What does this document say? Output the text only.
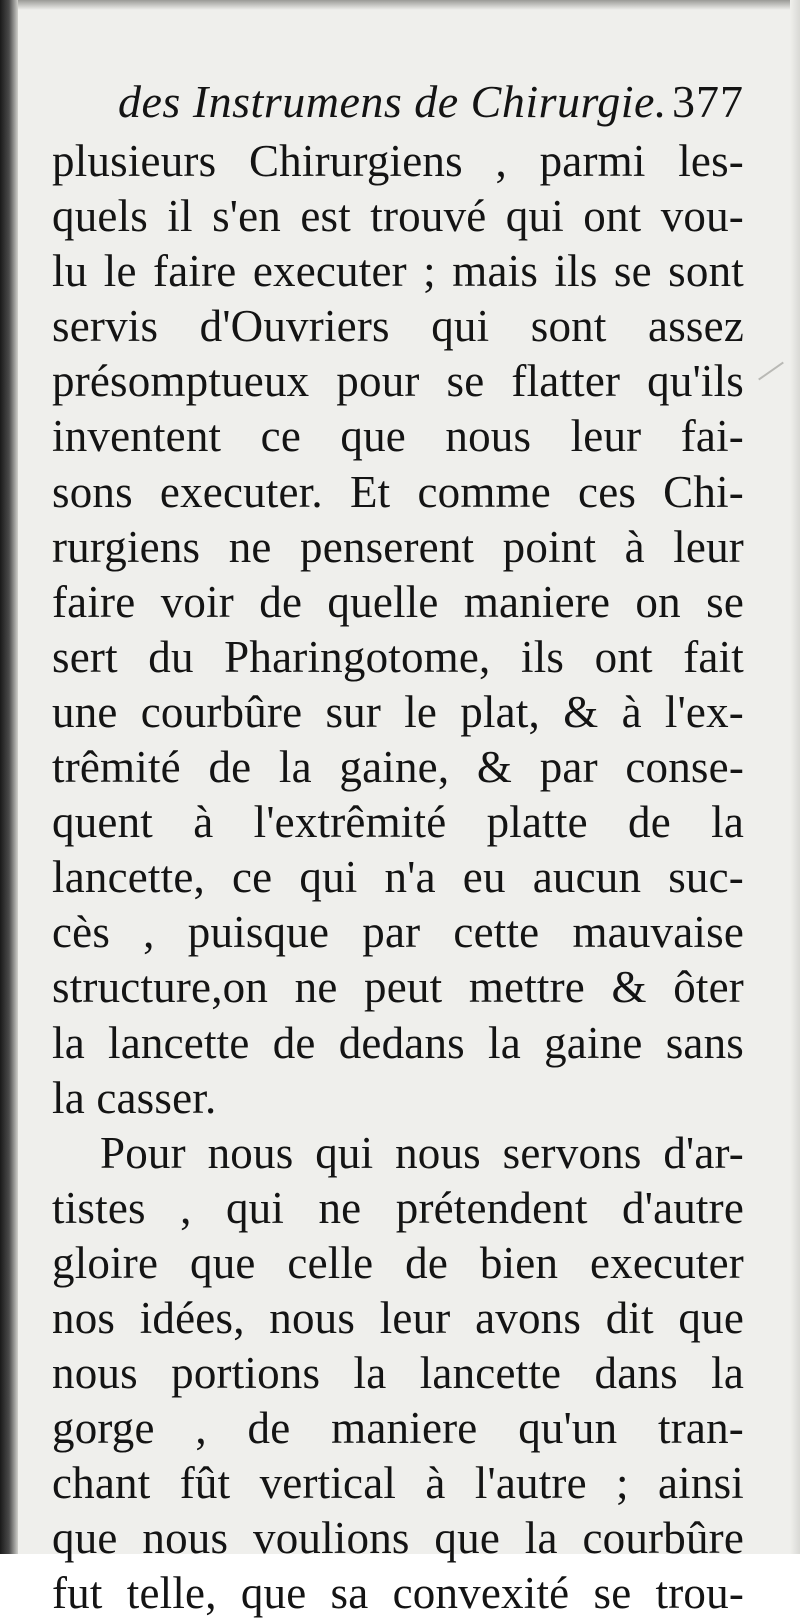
des Instrumens de Chirurgie. 377
plusieurs Chirurgiens , parmi les-
quels il s'en est trouvé qui ont vou-
lu le faire executer ; mais ils se sont
servis d'Ouvriers qui sont assez
présomptueux pour se flatter qu'ils
inventent ce que nous leur fai-
sons executer. Et comme ces Chi-
rurgiens ne penserent point à leur
faire voir de quelle maniere on se
sert du Pharingotome, ils ont fait
une courbûre sur le plat, & à l'ex-
trêmité de la gaine, & par conse-
quent à l'extrêmité platte de la
lancette, ce qui n'a eu aucun suc-
cès , puisque par cette mauvaise
structure,on ne peut mettre & ôter
la lancette de dedans la gaine sans
la casser.
Pour nous qui nous servons d'ar-
tistes , qui ne prétendent d'autre
gloire que celle de bien executer
nos idées, nous leur avons dit que
nous portions la lancette dans la
gorge , de maniere qu'un tran-
chant fût vertical à l'autre ; ainsi
que nous voulions que la courbûre
fut telle, que sa convexité se trou-
